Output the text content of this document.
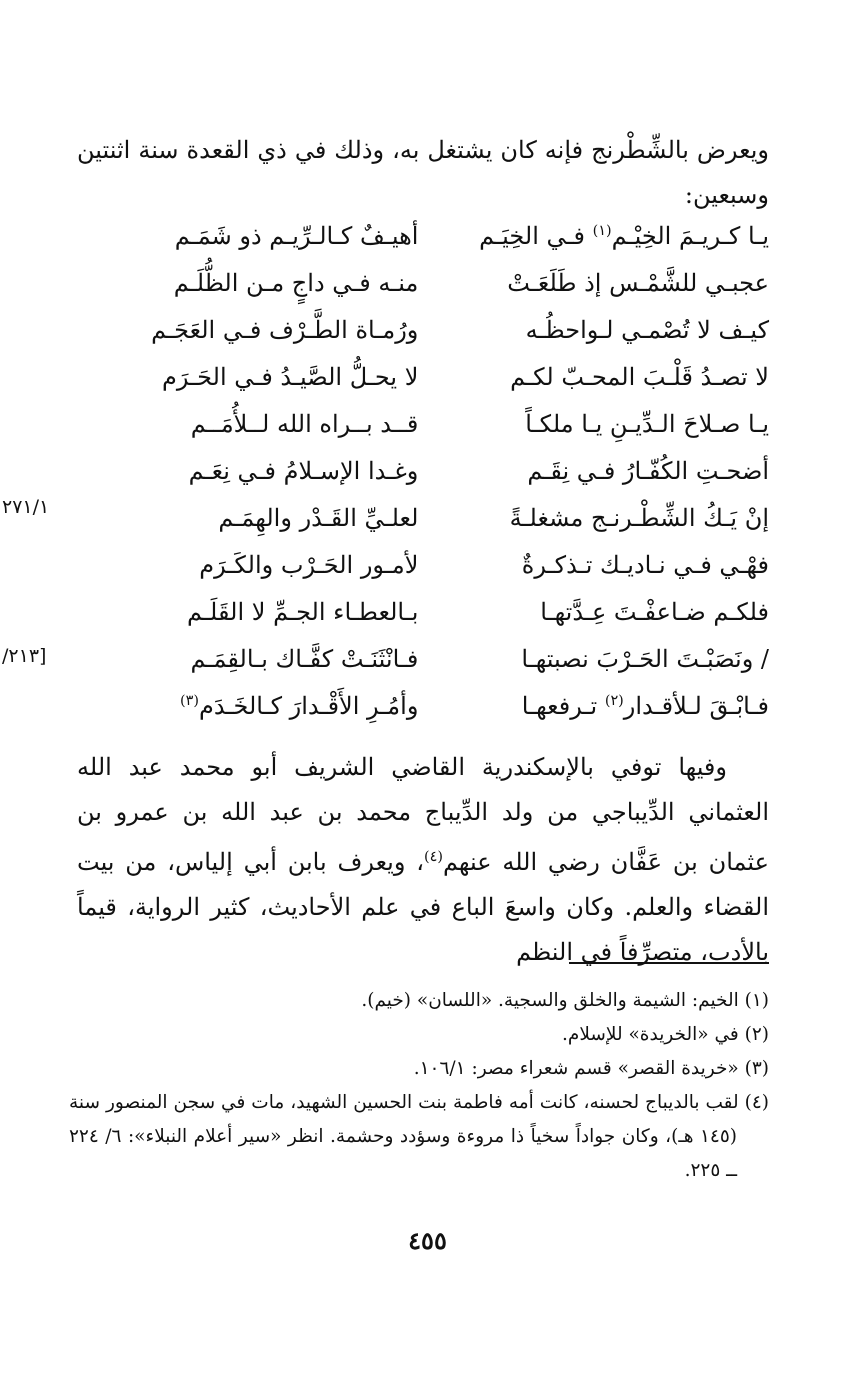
ويعرض بالشِّطْرنج فإنه كان يشتغل به، وذلك في ذي القعدة سنة اثنتين وسبعين:
يـا كـريـمَ الخِيْـم$^{(١)}$ فـي الخِيَـم
أهيـفٌ كـالـرِّيـم ذو شَمَـم
عجبـي للشَّمْـس إذ طَلَعَـتْ
منـه فـي داجٍ مـن الظُّلَـم
كيـف لا تُصْمـي لـواحظُـه
ورُمـاة الطَّـرْف فـي العَجَـم
لا تصـدُ قَلْـبَ المحـبّ لكـم
لا يحـلُّ الصَّيـدُ فـي الحَـرَم
يـا صـلاحَ الـدِّيـنِ يـا ملكـاً
قــد بــراه الله لــلأُمَــم
أضحـتِ الكُفّـارُ فـي نِقَـم
وغـدا الإسـلامُ فـي نِعَـم
إنْ يَـكُ الشِّطْـرنـج مشغلـةً
لعلـيِّ القَـدْر والهِمَـم
فهْـي فـي نـاديـك تـذكـرةٌ
لأمـور الحَـرْب والكَـرَم
فلكـم ضـاعفْـتَ عِـدَّتهـا
بـالعطـاء الجـمِّ لا القَلَـم
/ ونَصَبْـتَ الحَـرْبَ نصبتهـا
فـانْثَنَـتْ كفَّـاك بـالقِمَـم
فـابْـقَ لـلأقـدار$^{(٢)}$ تـرفعهـا
وأمُـرِ الأَقْـدارَ كـالخَـدَم$^{(٣)}$
٢٧١/١
[٢١٣/

وفيها توفي بالإسكندرية القاضي الشريف أبو محمد عبد الله العثماني الدِّيباجي من ولد الدِّيباج محمد بن عبد الله بن عمرو بن عثمان بن عَفَّان رضي الله عنهم$^{(٤)}$، ويعرف بابن أبي إلياس، من بيت القضاء والعلم. وكان واسعَ الباع في علم الأحاديث، كثير الرواية، قيماً بالأدب، متصرِّفاً في النظم

(١) الخيم: الشيمة والخلق والسجية. «اللسان» (خيم).

(٢) في «الخريدة» للإسلام.

(٣) «خريدة القصر» قسم شعراء مصر: ١٠٦/١.

(٤) لقب بالديباج لحسنه، كانت أمه فاطمة بنت الحسين الشهيد، مات في سجن المنصور سنة (١٤٥ هـ)، وكان جواداً سخياً ذا مروءة وسؤدد وحشمة. انظر «سير أعلام النبلاء»: ٦/ ٢٢٤ ــ ٢٢٥.

٤٥٥
